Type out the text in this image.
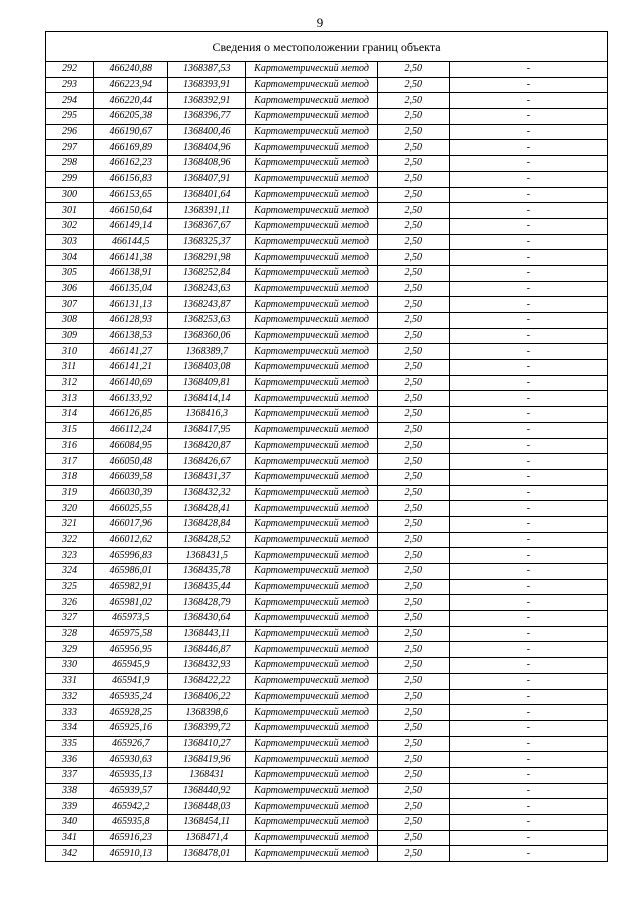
9
Сведения о местоположении границ объекта					
292	466240,88	1368387,53	Картометрический метод	2,50	-
293	466223,94	1368393,91	Картометрический метод	2,50	-
294	466220,44	1368392,91	Картометрический метод	2,50	-
295	466205,38	1368396,77	Картометрический метод	2,50	-
296	466190,67	1368400,46	Картометрический метод	2,50	-
297	466169,89	1368404,96	Картометрический метод	2,50	-
298	466162,23	1368408,96	Картометрический метод	2,50	-
299	466156,83	1368407,91	Картометрический метод	2,50	-
300	466153,65	1368401,64	Картометрический метод	2,50	-
301	466150,64	1368391,11	Картометрический метод	2,50	-
302	466149,14	1368367,67	Картометрический метод	2,50	-
303	466144,5	1368325,37	Картометрический метод	2,50	-
304	466141,38	1368291,98	Картометрический метод	2,50	-
305	466138,91	1368252,84	Картометрический метод	2,50	-
306	466135,04	1368243,63	Картометрический метод	2,50	-
307	466131,13	1368243,87	Картометрический метод	2,50	-
308	466128,93	1368253,63	Картометрический метод	2,50	-
309	466138,53	1368360,06	Картометрический метод	2,50	-
310	466141,27	1368389,7	Картометрический метод	2,50	-
311	466141,21	1368403,08	Картометрический метод	2,50	-
312	466140,69	1368409,81	Картометрический метод	2,50	-
313	466133,92	1368414,14	Картометрический метод	2,50	-
314	466126,85	1368416,3	Картометрический метод	2,50	-
315	466112,24	1368417,95	Картометрический метод	2,50	-
316	466084,95	1368420,87	Картометрический метод	2,50	-
317	466050,48	1368426,67	Картометрический метод	2,50	-
318	466039,58	1368431,37	Картометрический метод	2,50	-
319	466030,39	1368432,32	Картометрический метод	2,50	-
320	466025,55	1368428,41	Картометрический метод	2,50	-
321	466017,96	1368428,84	Картометрический метод	2,50	-
322	466012,62	1368428,52	Картометрический метод	2,50	-
323	465996,83	1368431,5	Картометрический метод	2,50	-
324	465986,01	1368435,78	Картометрический метод	2,50	-
325	465982,91	1368435,44	Картометрический метод	2,50	-
326	465981,02	1368428,79	Картометрический метод	2,50	-
327	465973,5	1368430,64	Картометрический метод	2,50	-
328	465975,58	1368443,11	Картометрический метод	2,50	-
329	465956,95	1368446,87	Картометрический метод	2,50	-
330	465945,9	1368432,93	Картометрический метод	2,50	-
331	465941,9	1368422,22	Картометрический метод	2,50	-
332	465935,24	1368406,22	Картометрический метод	2,50	-
333	465928,25	1368398,6	Картометрический метод	2,50	-
334	465925,16	1368399,72	Картометрический метод	2,50	-
335	465926,7	1368410,27	Картометрический метод	2,50	-
336	465930,63	1368419,96	Картометрический метод	2,50	-
337	465935,13	1368431	Картометрический метод	2,50	-
338	465939,57	1368440,92	Картометрический метод	2,50	-
339	465942,2	1368448,03	Картометрический метод	2,50	-
340	465935,8	1368454,11	Картометрический метод	2,50	-
341	465916,23	1368471,4	Картометрический метод	2,50	-
342	465910,13	1368478,01	Картометрический метод	2,50	-
